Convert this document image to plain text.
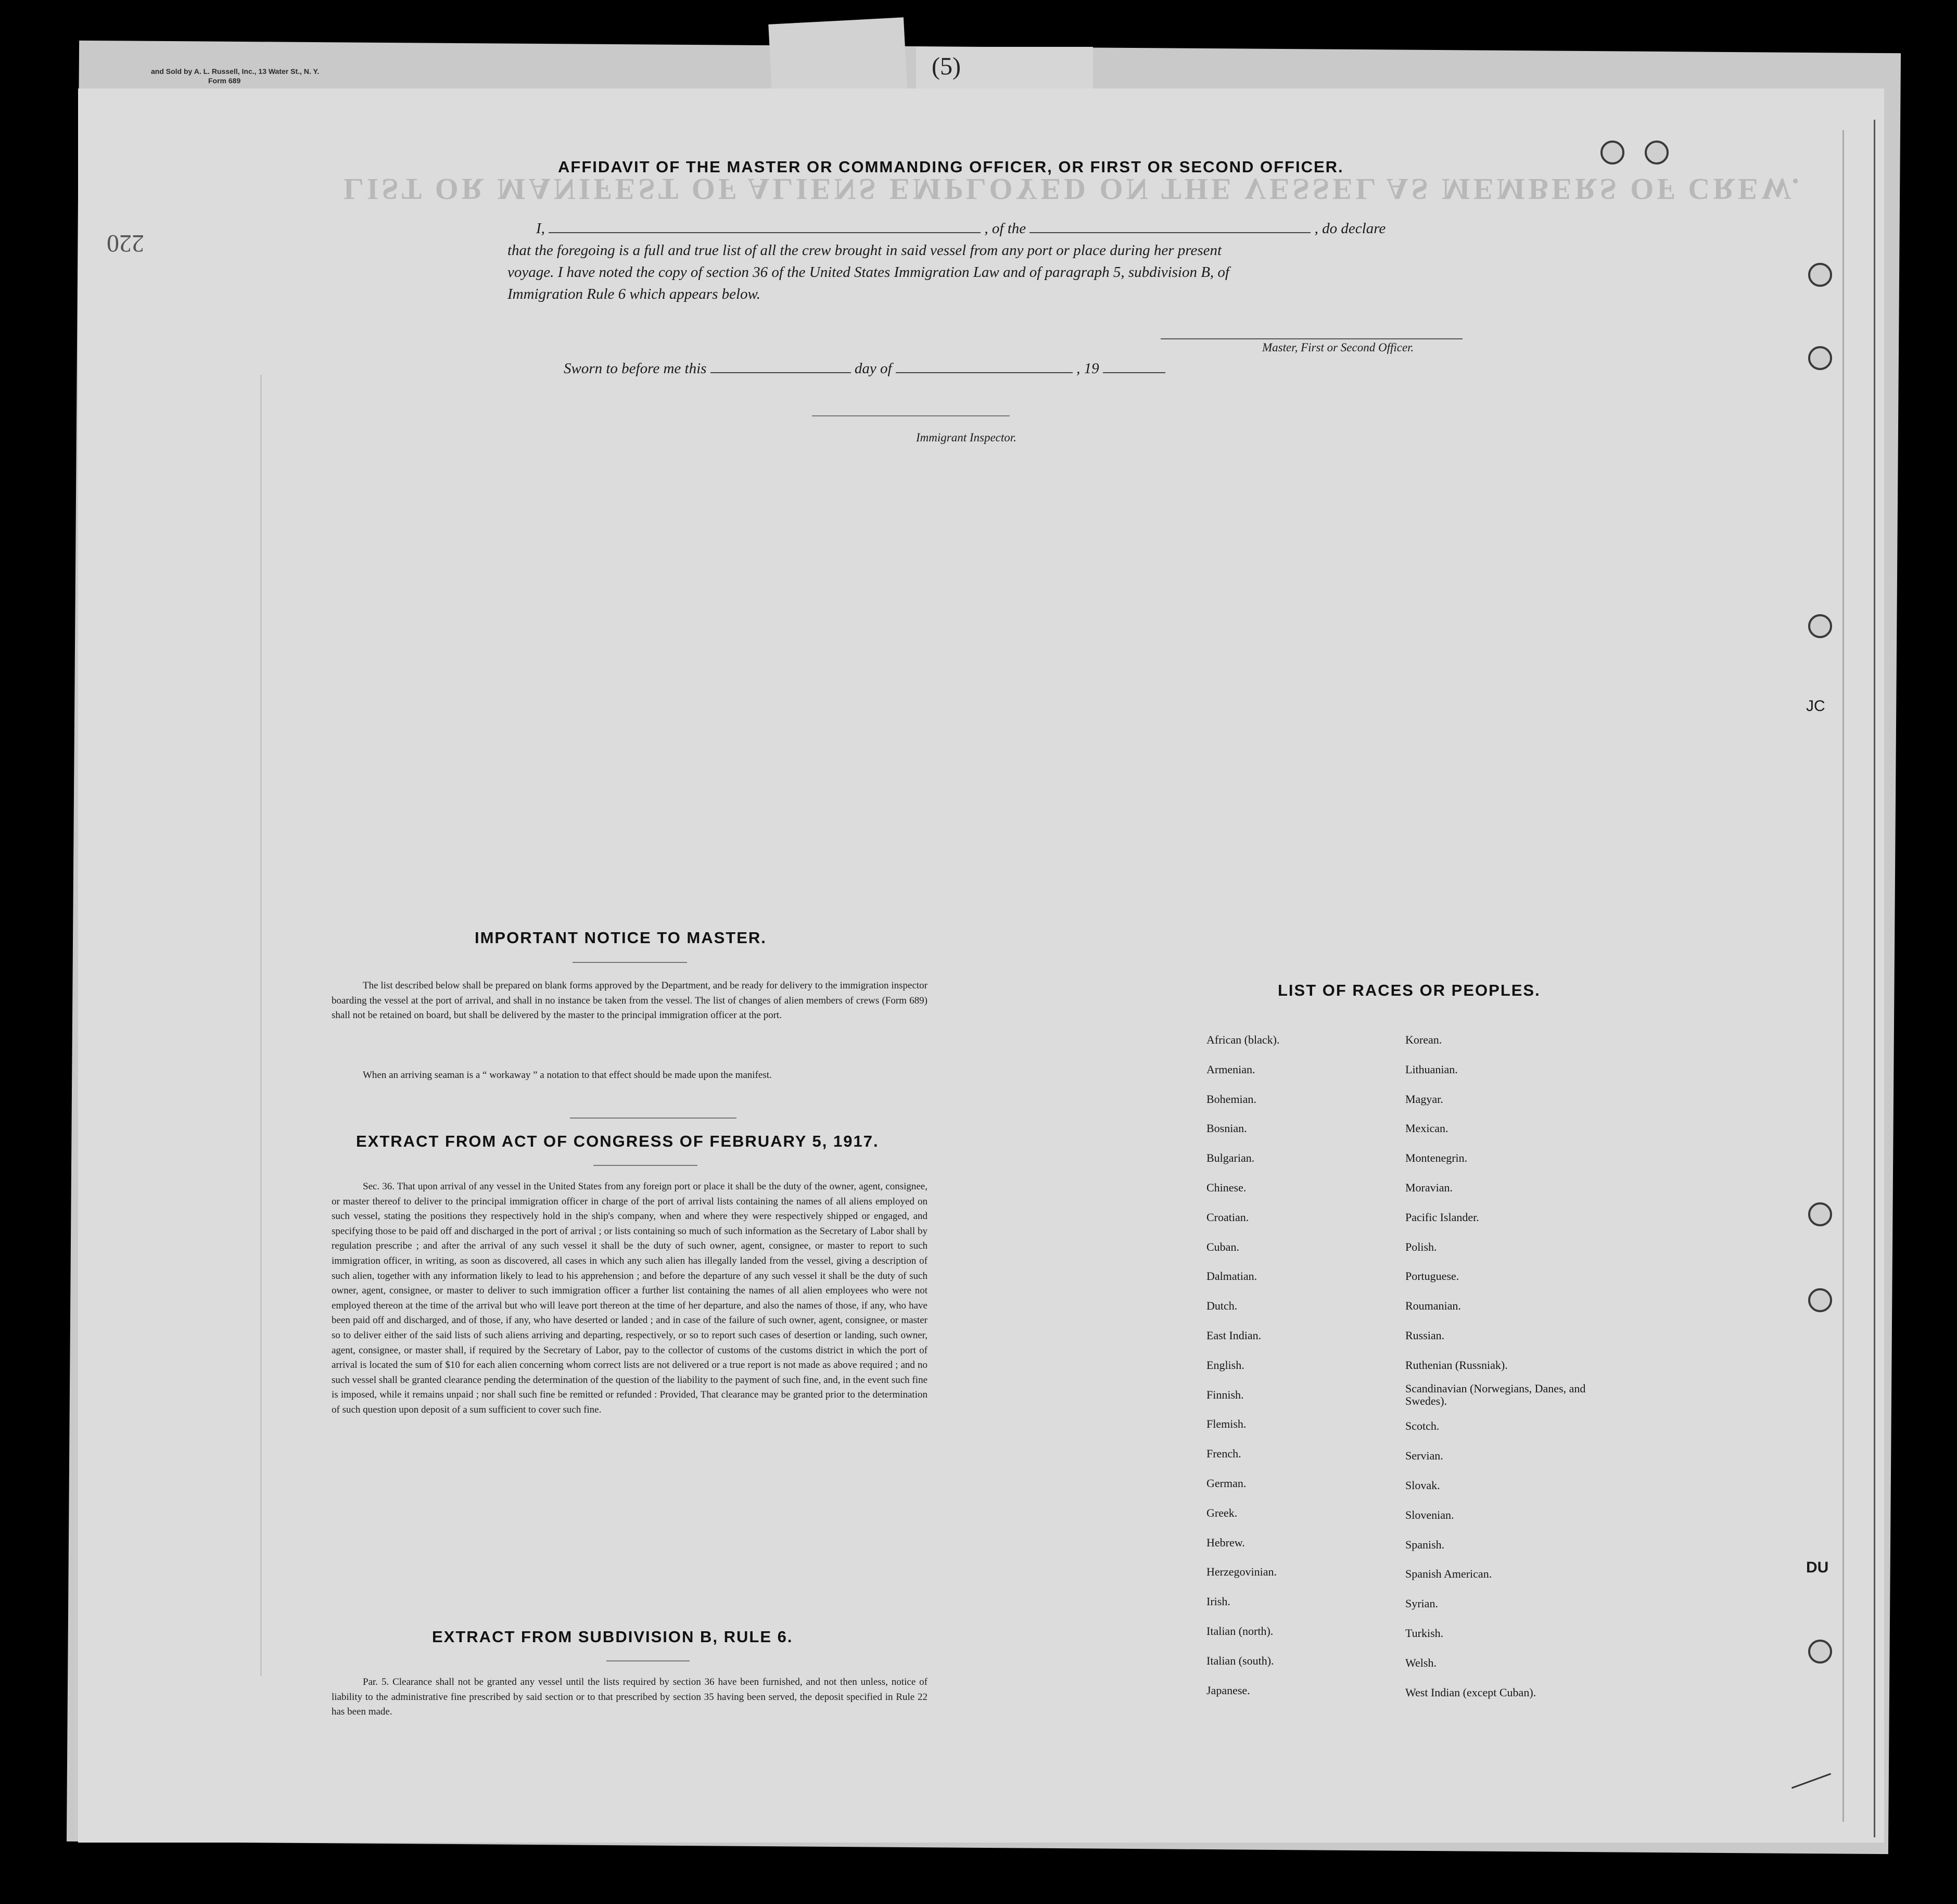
and Sold by A. L. Russell, Inc., 13 Water St., N. Y.
Form 689
(5)
220
LIST OR MANIFEST OF ALIENS EMPLOYED ON THE VESSEL AS MEMBERS OF CREW.
JC
DU
AFFIDAVIT OF THE MASTER OR COMMANDING OFFICER, OR FIRST OR SECOND OFFICER.
I,	, of the	, do declare
that the foregoing is a full and true list of all the crew brought in said vessel from any port or place during her present
voyage. I have noted the copy of section 36 of the United States Immigration Law and of paragraph 5, subdivision B, of
Immigration Rule 6 which appears below.
Master, First or Second Officer.
Sworn to before me this	day of	, 19
Immigrant Inspector.
IMPORTANT NOTICE TO MASTER.
The list described below shall be prepared on blank forms approved by the Department, and be ready for delivery to the immigration inspector boarding the vessel at the port of arrival, and shall in no instance be taken from the vessel. The list of changes of alien members of crews (Form 689) shall not be retained on board, but shall be delivered by the master to the principal immigration officer at the port.
When an arriving seaman is a “ workaway ” a notation to that effect should be made upon the manifest.
EXTRACT FROM ACT OF CONGRESS OF FEBRUARY 5, 1917.
Sec. 36. That upon arrival of any vessel in the United States from any foreign port or place it shall be the duty of the owner, agent, consignee, or master thereof to deliver to the principal immigration officer in charge of the port of arrival lists containing the names of all aliens employed on such vessel, stating the positions they respectively hold in the ship's company, when and where they were respectively shipped or engaged, and specifying those to be paid off and discharged in the port of arrival ; or lists containing so much of such information as the Secretary of Labor shall by regulation prescribe ; and after the arrival of any such vessel it shall be the duty of such owner, agent, consignee, or master to report to such immigration officer, in writing, as soon as discovered, all cases in which any such alien has illegally landed from the vessel, giving a description of such alien, together with any information likely to lead to his apprehension ; and before the departure of any such vessel it shall be the duty of such owner, agent, consignee, or master to deliver to such immigration officer a further list containing the names of all alien employees who were not employed thereon at the time of the arrival but who will leave port thereon at the time of her departure, and also the names of those, if any, who have been paid off and discharged, and of those, if any, who have deserted or landed ; and in case of the failure of such owner, agent, consignee, or master so to deliver either of the said lists of such aliens arriving and departing, respectively, or so to report such cases of desertion or landing, such owner, agent, consignee, or master shall, if required by the Secretary of Labor, pay to the collector of customs of the customs district in which the port of arrival is located the sum of $10 for each alien concerning whom correct lists are not delivered or a true report is not made as above required ; and no such vessel shall be granted clearance pending the determination of the question of the liability to the payment of such fine, and, in the event such fine is imposed, while it remains unpaid ; nor shall such fine be remitted or refunded : Provided, That clearance may be granted prior to the determination of such question upon deposit of a sum sufficient to cover such fine.
EXTRACT FROM SUBDIVISION B, RULE 6.
Par. 5. Clearance shall not be granted any vessel until the lists required by section 36 have been furnished, and not then unless, notice of liability to the administrative fine prescribed by said section or to that prescribed by section 35 having been served, the deposit specified in Rule 22 has been made.
LIST OF RACES OR PEOPLES.
African (black).
Armenian.
Bohemian.
Bosnian.
Bulgarian.
Chinese.
Croatian.
Cuban.
Dalmatian.
Dutch.
East Indian.
English.
Finnish.
Flemish.
French.
German.
Greek.
Hebrew.
Herzegovinian.
Irish.
Italian (north).
Italian (south).
Japanese.
Korean.
Lithuanian.
Magyar.
Mexican.
Montenegrin.
Moravian.
Pacific Islander.
Polish.
Portuguese.
Roumanian.
Russian.
Ruthenian (Russniak).
Scandinavian (Norwegians, Danes, and Swedes).
Scotch.
Servian.
Slovak.
Slovenian.
Spanish.
Spanish American.
Syrian.
Turkish.
Welsh.
West Indian (except Cuban).
